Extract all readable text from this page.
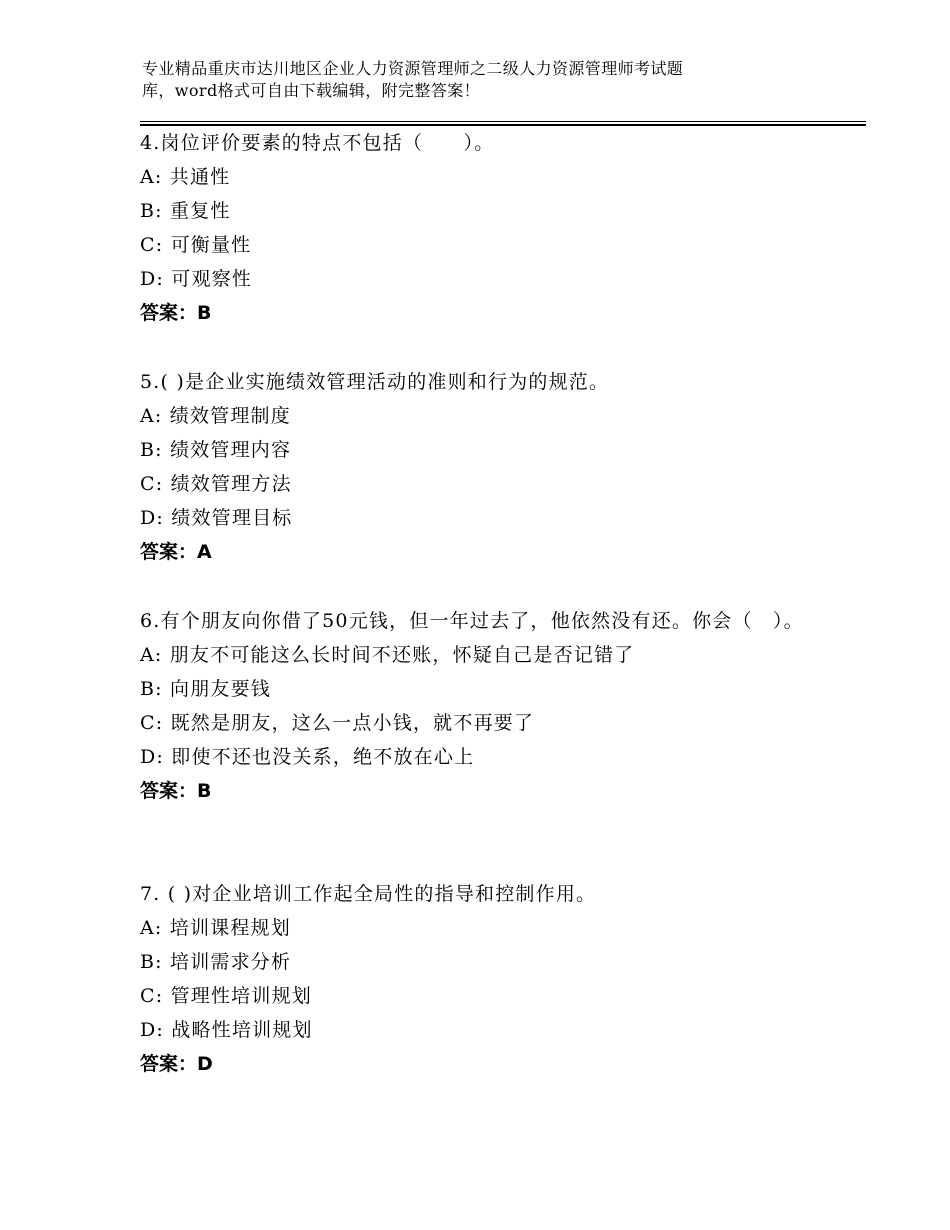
专业精品重庆市达川地区企业人力资源管理师之二级人力资源管理师考试题
库，word格式可自由下载编辑，附完整答案！

4.岗位评价要素的特点不包括（　　）。

A: 共通性

B: 重复性

C: 可衡量性

D: 可观察性

答案：B

5.( )是企业实施绩效管理活动的准则和行为的规范。

A: 绩效管理制度

B: 绩效管理内容

C: 绩效管理方法

D: 绩效管理目标

答案：A

6.有个朋友向你借了50元钱，但一年过去了，他依然没有还。你会（　）。

A: 朋友不可能这么长时间不还账，怀疑自己是否记错了

B: 向朋友要钱

C: 既然是朋友，这么一点小钱，就不再要了

D: 即使不还也没关系，绝不放在心上

答案：B

7. ( )对企业培训工作起全局性的指导和控制作用。

A: 培训课程规划

B: 培训需求分析

C: 管理性培训规划

D: 战略性培训规划

答案：D
